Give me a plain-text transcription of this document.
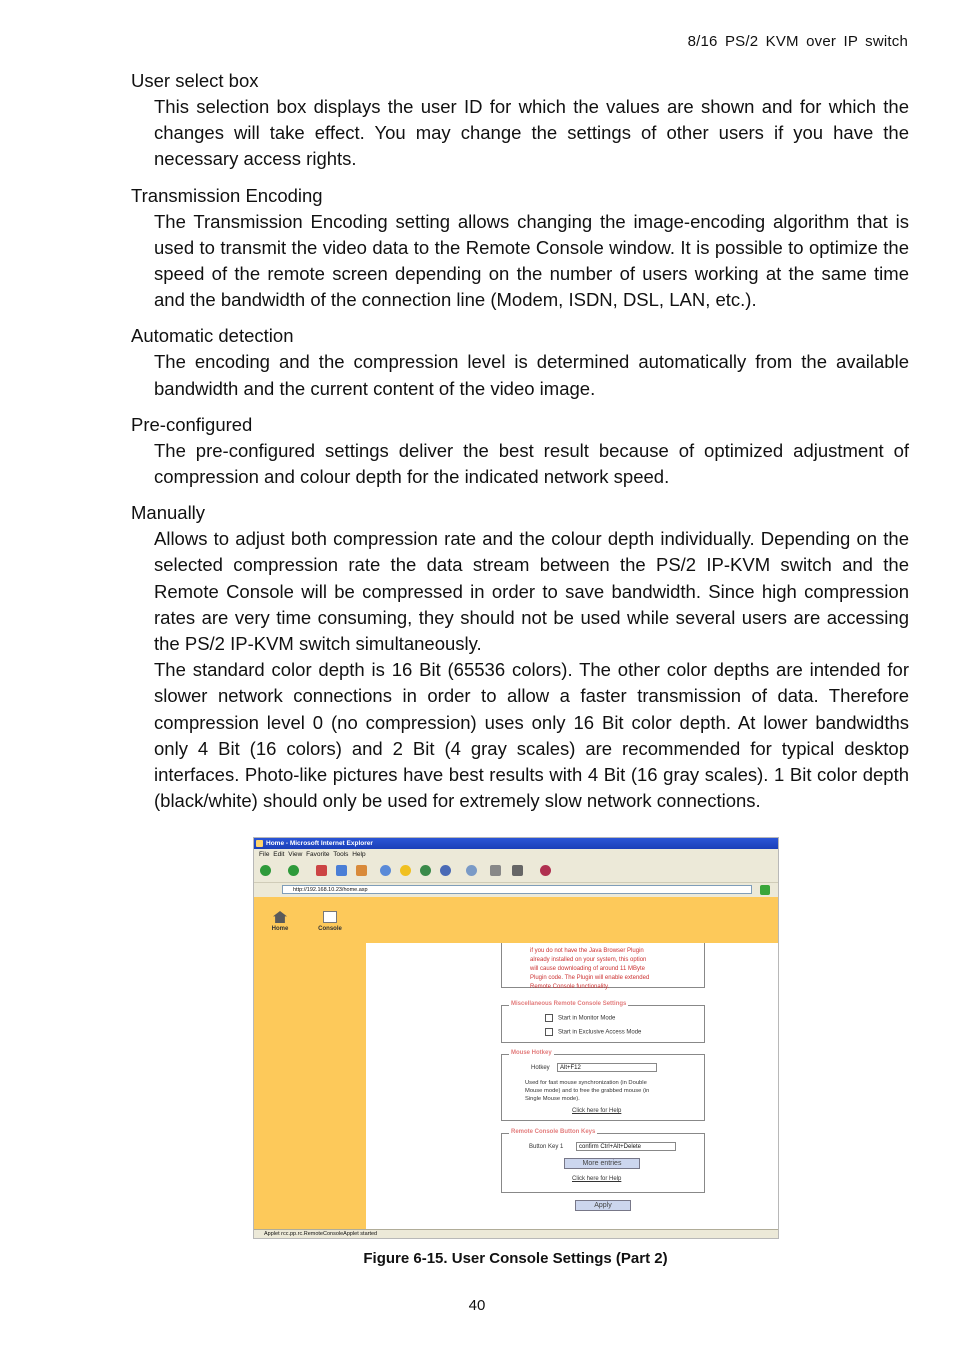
8/16 PS/2 KVM over IP switch

User select box

This selection box displays the user ID for which the values are shown and for which the changes will take effect. You may change the settings of other users if you have the necessary access rights.

Transmission Encoding

The Transmission Encoding setting allows changing the image-encoding algorithm that is used to transmit the video data to the Remote Console window. It is possible to optimize the speed of the remote screen depending on the number of users working at the same time and the bandwidth of the connection line (Modem, ISDN, DSL, LAN, etc.).

Automatic detection

The encoding and the compression level is determined automatically from the available bandwidth and the current content of the video image.

Pre-configured

The pre-configured settings deliver the best result because of optimized adjustment of compression and colour depth for the indicated network speed.

Manually

Allows to adjust both compression rate and the colour depth individually. Depending on the selected compression rate the data stream between the PS/2 IP-KVM switch and the Remote Console will be compressed in order to save bandwidth. Since high compression rates are very time consuming, they should not be used while several users are accessing the PS/2 IP-KVM switch simultaneously.

The standard color depth is 16 Bit (65536 colors). The other color depths are intended for slower network connections in order to allow a faster transmission of data. Therefore compression level 0 (no compression) uses only 16 Bit color depth. At lower bandwidths only 4 Bit (16 colors) and 2 Bit (4 gray scales) are recommended for typical desktop interfaces. Photo-like pictures have best results with 4 Bit (16 gray scales). 1 Bit color depth (black/white) should only be used for extremely slow network connections.

Home - Microsoft Internet Explorer
File Edit View Favorite Tools Help
http://192.168.10.23/home.asp
Home	Console
if you do not have the Java Browser Plugin
already installed on your system, this option
will cause downloading of around 11 MByte
Plugin code. The Plugin will enable extended
Remote Console functionality.
Miscellaneous Remote Console Settings
Start in Monitor Mode
Start in Exclusive Access Mode
Mouse Hotkey
Hotkey	Alt+F12
Used for fast mouse synchronization (in Double
Mouse mode) and to free the grabbed mouse (in
Single Mouse mode).
Click here for Help
Remote Console Button Keys
Button Key 1	confirm Ctrl+Alt+Delete
More entries
Click here for Help
Apply
Applet rcc.pp.rc.RemoteConsoleApplet started
Figure 6-15. User Console Settings (Part 2)
40
